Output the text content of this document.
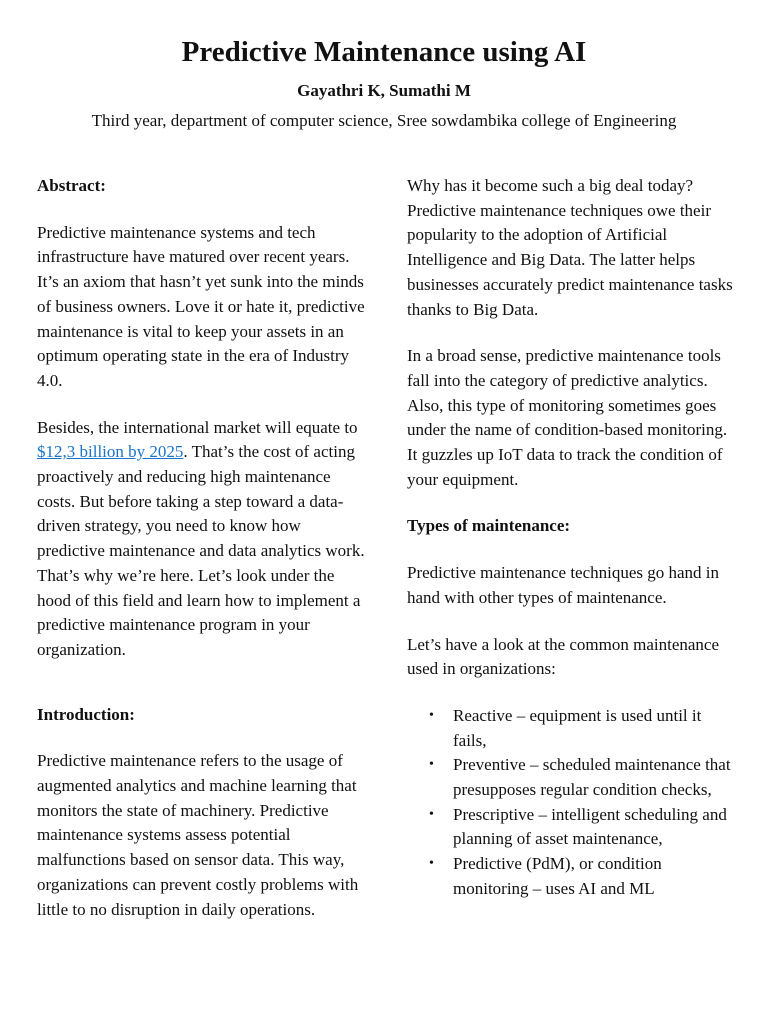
Predictive Maintenance using AI

Gayathri K, Sumathi M

Third year, department of computer science, Sree sowdambika college of Engineering

Abstract:

Predictive maintenance systems and tech infrastructure have matured over recent years. It’s an axiom that hasn’t yet sunk into the minds of business owners. Love it or hate it, predictive maintenance is vital to keep your assets in an optimum operating state in the era of Industry 4.0.

Besides, the international market will equate to $12,3 billion by 2025. That’s the cost of acting proactively and reducing high maintenance costs. But before taking a step toward a data-driven strategy, you need to know how predictive maintenance and data analytics work. That’s why we’re here. Let’s look under the hood of this field and learn how to implement a predictive maintenance program in your organization.

Introduction:

Predictive maintenance refers to the usage of augmented analytics and machine learning that monitors the state of machinery. Predictive maintenance systems assess potential malfunctions based on sensor data. This way, organizations can prevent costly problems with little to no disruption in daily operations.

Why has it become such a big deal today? Predictive maintenance techniques owe their popularity to the adoption of Artificial Intelligence and Big Data. The latter helps businesses accurately predict maintenance tasks thanks to Big Data.

In a broad sense, predictive maintenance tools fall into the category of predictive analytics. Also, this type of monitoring sometimes goes under the name of condition-based monitoring. It guzzles up IoT data to track the condition of your equipment.

Types of maintenance:

Predictive maintenance techniques go hand in hand with other types of maintenance.

Let’s have a look at the common maintenance used in organizations:

• Reactive – equipment is used until it fails,
• Preventive – scheduled maintenance that presupposes regular condition checks,
• Prescriptive – intelligent scheduling and planning of asset maintenance,
• Predictive (PdM), or condition monitoring – uses AI and ML
